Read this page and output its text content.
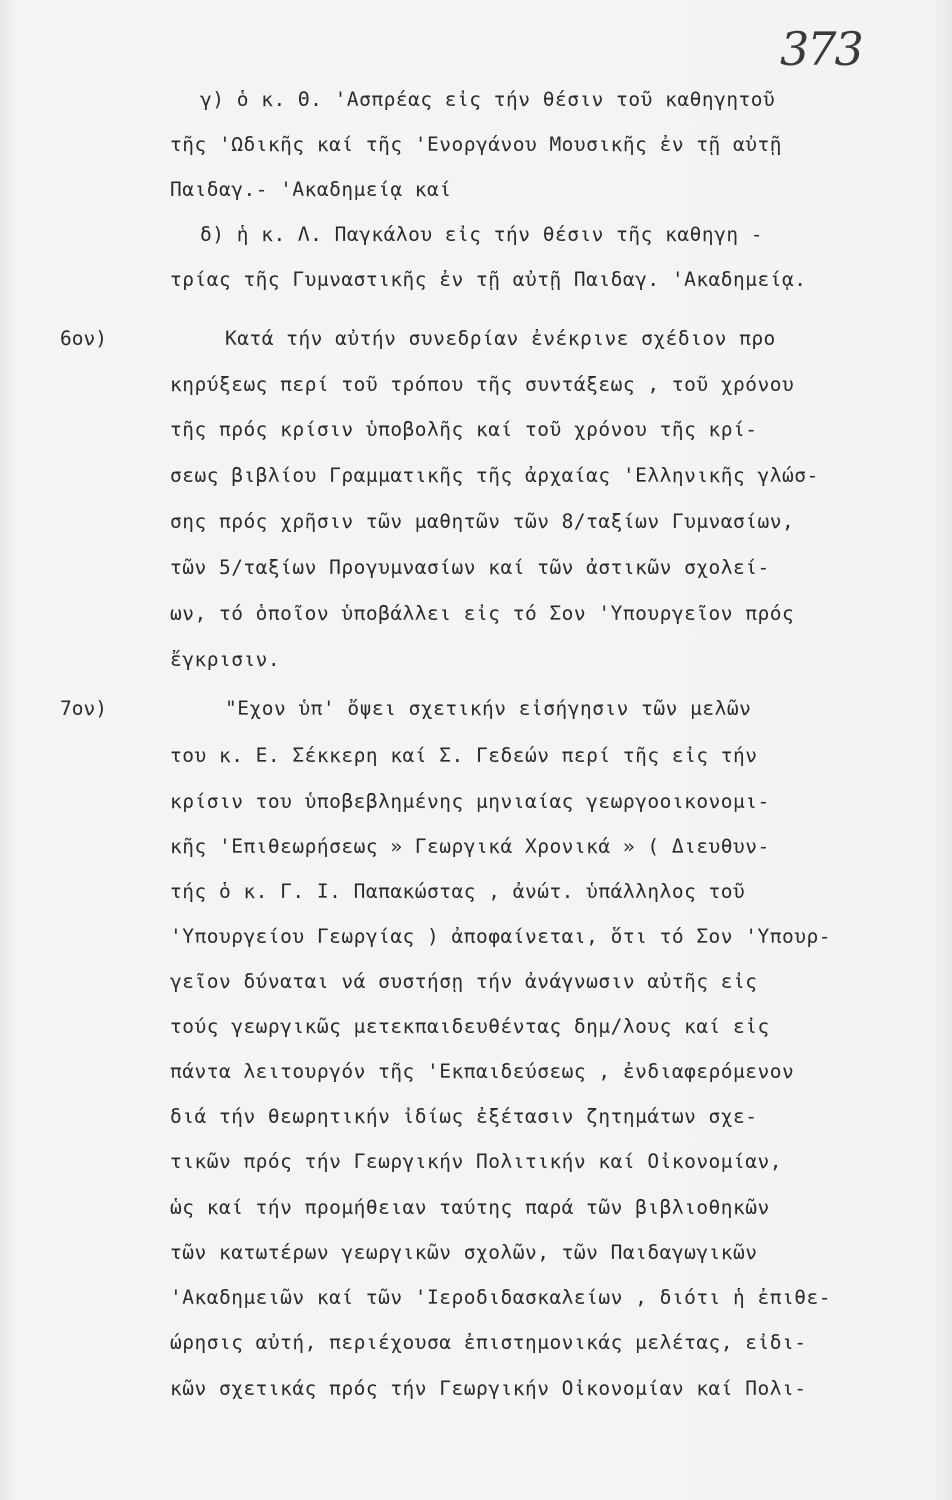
373
γ) ὁ κ. Θ. 'Ασπρέας εἰς τήν θέσιν τοῦ καθηγητοῦ
τῆς 'Ωδικῆς καί τῆς 'Ενοργάνου Μουσικῆς ἐν τῇ αὐτῇ
Παιδαγ.- 'Ακαδημείᾳ καί
δ) ἡ κ. Λ. Παγκάλου εἰς τήν θέσιν τῆς καθηγη -
τρίας τῆς Γυμναστικῆς ἐν τῇ αὐτῇ Παιδαγ. 'Ακαδημείᾳ.
6ον)	Κατά τήν αὐτήν συνεδρίαν ἐνέκρινε σχέδιον προ
κηρύξεως περί τοῦ τρόπου τῆς συντάξεως , τοῦ χρόνου
τῆς πρός κρίσιν ὑποβολῆς καί τοῦ χρόνου τῆς κρί-
σεως βιβλίου Γραμματικῆς τῆς ἀρχαίας 'Ελληνικῆς γλώσ-
σης πρός χρῆσιν τῶν μαθητῶν τῶν 8/ταξίων Γυμνασίων,
τῶν 5/ταξίων Προγυμνασίων καί τῶν ἀστικῶν σχολεί-
ων, τό ὁποῖον ὑποβάλλει εἰς τό Σον 'Υπουργεῖον πρός
ἔγκρισιν.
7ον)	"Εχον ὑπ' ὄψει σχετικήν εἰσήγησιν τῶν μελῶν
του κ. Ε. Σέκκερη καί Σ. Γεδεών περί τῆς εἰς τήν
κρίσιν του ὑποβεβλημένης μηνιαίας γεωργοοικονομι-
κῆς 'Επιθεωρήσεως » Γεωργικά Χρονικά » ( Διευθυν-
τής ὁ κ. Γ. Ι. Παπακώστας , ἀνώτ. ὑπάλληλος τοῦ
'Υπουργείου Γεωργίας ) ἀποφαίνεται, ὅτι τό Σον 'Υπουρ-
γεῖον δύναται νά συστήσῃ τήν ἀνάγνωσιν αὐτῆς εἰς
τούς γεωργικῶς μετεκπαιδευθέντας δημ/λους καί εἰς
πάντα λειτουργόν τῆς 'Εκπαιδεύσεως , ἐνδιαφερόμενον
διά τήν θεωρητικήν ἰδίως ἐξέτασιν ζητημάτων σχε-
τικῶν πρός τήν Γεωργικήν Πολιτικήν καί Οἰκονομίαν,
ὡς καί τήν προμήθειαν ταύτης παρά τῶν βιβλιοθηκῶν
τῶν κατωτέρων γεωργικῶν σχολῶν, τῶν Παιδαγωγικῶν
'Ακαδημειῶν καί τῶν 'Ιεροδιδασκαλείων , διότι ἡ ἐπιθε-
ώρησις αὐτή, περιέχουσα ἐπιστημονικάς μελέτας, εἰδι-
κῶν σχετικάς πρός τήν Γεωργικήν Οἰκονομίαν καί Πολι-
